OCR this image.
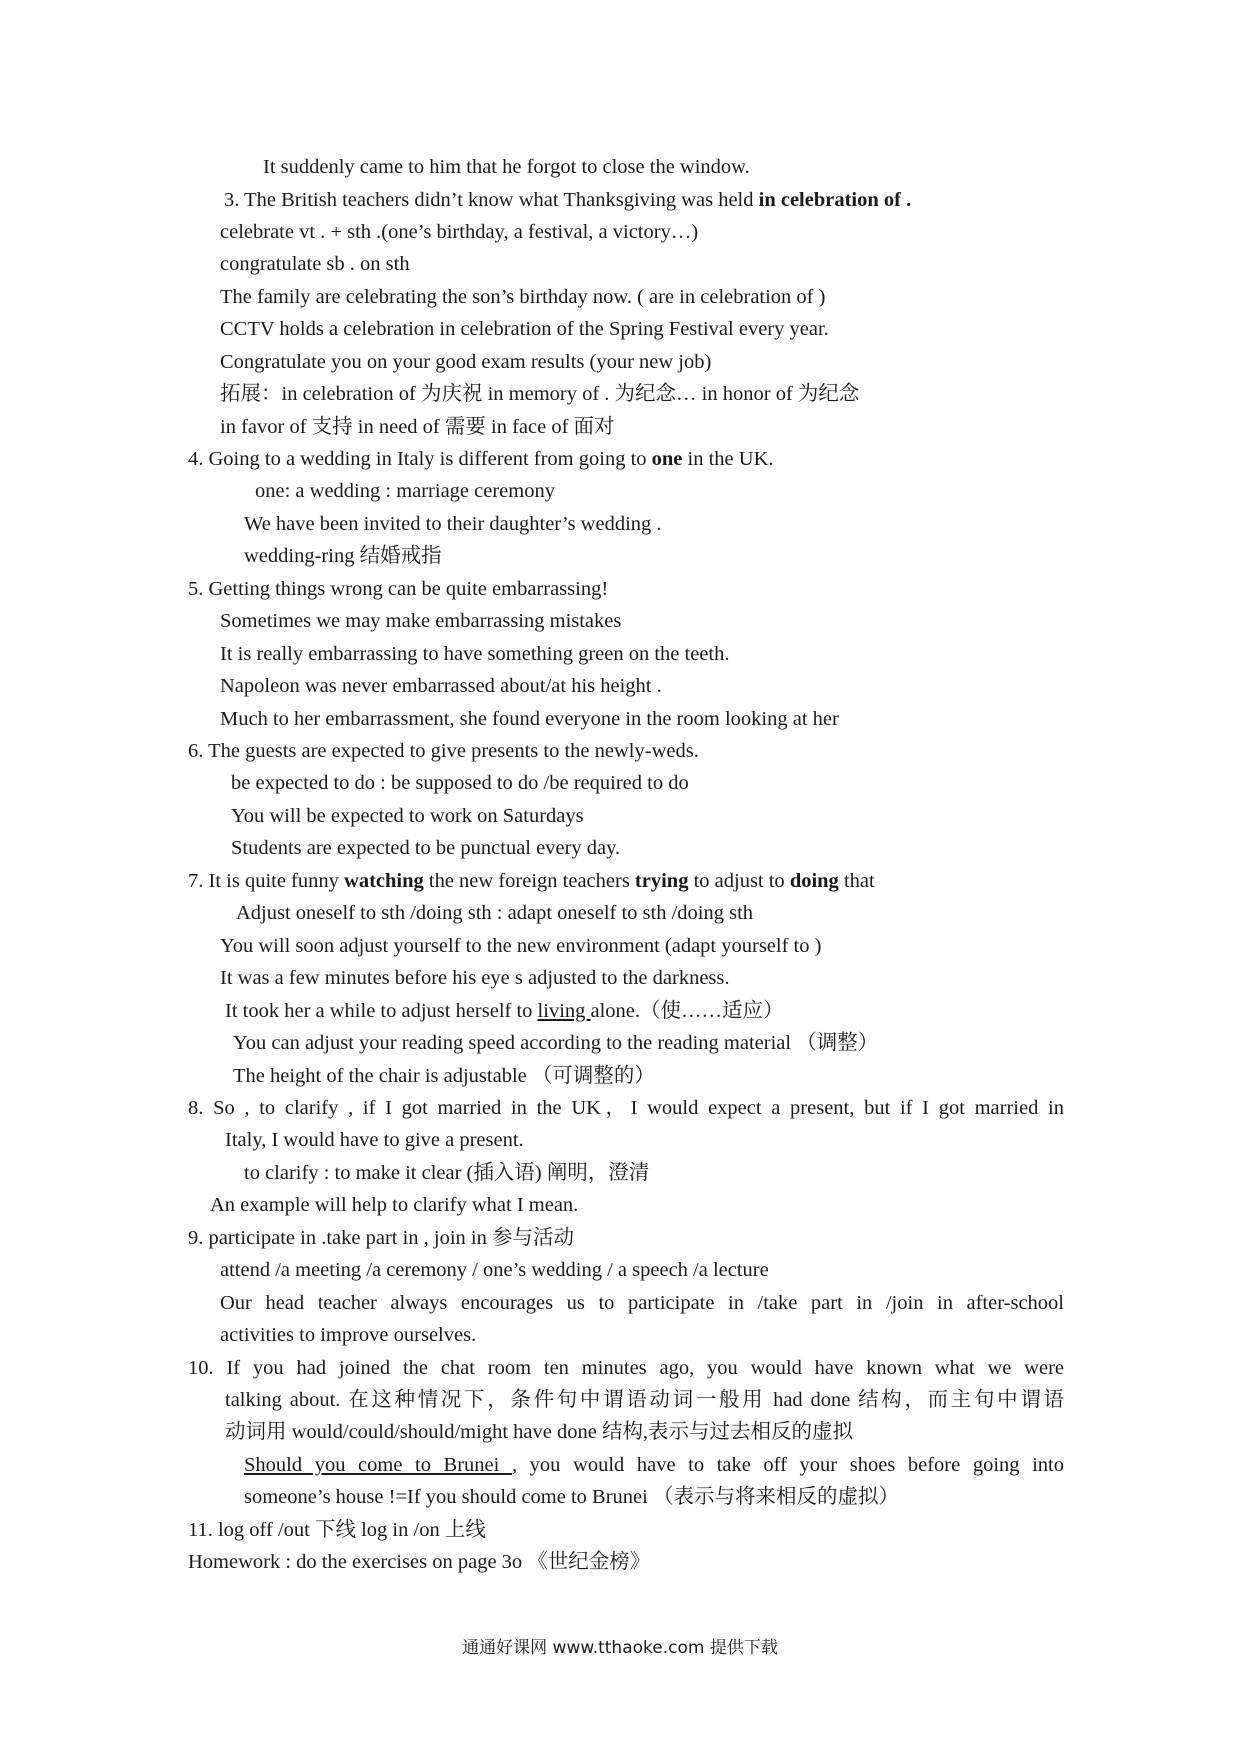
通通好课网 www.tthaoke.com 提供下载
It suddenly came to him that he forgot to close the window.
3. The British teachers didn’t know what Thanksgiving was held in celebration of .
celebrate vt . + sth .(one’s birthday, a festival, a victory…)
congratulate sb . on sth
The family are celebrating the son’s birthday now. ( are in celebration of )
CCTV holds a celebration in celebration of the Spring Festival every year.
Congratulate you on your good exam results (your new job)
拓展：in celebration of 为庆祝 in memory of . 为纪念… in honor of 为纪念
in favor of 支持 in need of 需要 in face of 面对
4. Going to a wedding in Italy is different from going to one in the UK.
one: a wedding : marriage ceremony
We have been invited to their daughter’s wedding .
wedding-ring 结婚戒指
5. Getting things wrong can be quite embarrassing!
Sometimes we may make embarrassing mistakes
It is really embarrassing to have something green on the teeth.
Napoleon was never embarrassed about/at his height .
Much to her embarrassment, she found everyone in the room looking at her
6. The guests are expected to give presents to the newly-weds.
be expected to do : be supposed to do /be required to do
You will be expected to work on Saturdays
Students are expected to be punctual every day.
7. It is quite funny watching the new foreign teachers trying to adjust to doing that
Adjust oneself to sth /doing sth : adapt oneself to sth /doing sth
You will soon adjust yourself to the new environment (adapt yourself to )
It was a few minutes before his eye s adjusted to the darkness.
It took her a while to adjust herself to living alone.（使……适应）
You can adjust your reading speed according to the reading material （调整）
The height of the chair is adjustable （可调整的）
8. So , to clarify , if I got married in the UK，I would expect a present, but if I got married in
Italy, I would have to give a present.
to clarify : to make it clear (插入语) 阐明，澄清
An example will help to clarify what I mean.
9. participate in .take part in , join in 参与活动
attend /a meeting /a ceremony / one’s wedding / a speech /a lecture
Our head teacher always encourages us to participate in /take part in /join in after-school
activities to improve ourselves.
10. If you had joined the chat room ten minutes ago, you would have known what we were
talking about. 在这种情况下，条件句中谓语动词一般用 had done 结构，而主句中谓语
动词用 would/could/should/might have done 结构,表示与过去相反的虚拟
Should you come to Brunei , you would have to take off your shoes before going into
someone’s house !=If you should come to Brunei （表示与将来相反的虚拟）
11. log off /out 下线 log in /on 上线
Homework : do the exercises on page 3o 《世纪金榜》
